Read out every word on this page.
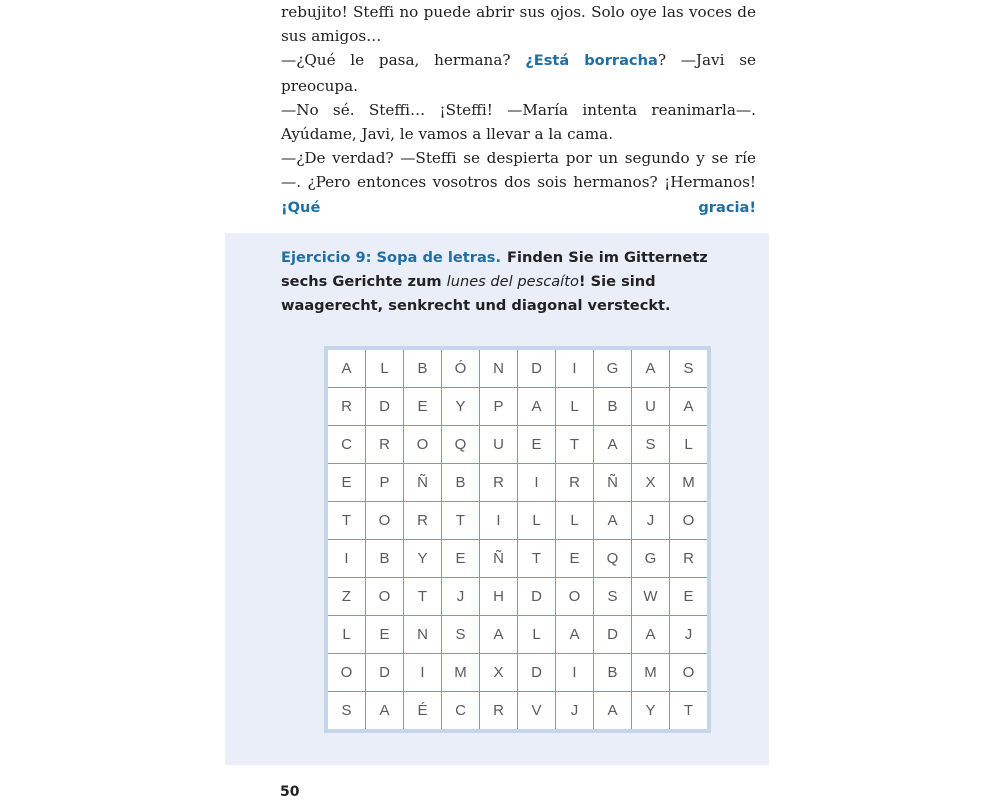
rebujito! Steffi no puede abrir sus ojos. Solo oye las voces de sus amigos…

—¿Qué le pasa, hermana? ¿Está borracha? —Javi se preocupa.

—No sé. Steffi… ¡Steffi! —María intenta reanimarla—. Ayúdame, Javi, le vamos a llevar a la cama.

—¿De verdad? —Steffi se despierta por un segundo y se ríe—. ¿Pero entonces vosotros dos sois hermanos? ¡Hermanos! ¡Qué gracia!

Ejercicio 9: Sopa de letras. Finden Sie im Gitternetz sechs Gerichte zum lunes del pescaíto! Sie sind waagerecht, senkrecht und diagonal versteckt.
A	L	B	Ó	N	D	I	G	A	S
R	D	E	Y	P	A	L	B	U	A
C	R	O	Q	U	E	T	A	S	L
E	P	Ñ	B	R	I	R	Ñ	X	M
T	O	R	T	I	L	L	A	J	O
I	B	Y	E	Ñ	T	E	Q	G	R
Z	O	T	J	H	D	O	S	W	E
L	E	N	S	A	L	A	D	A	J
O	D	I	M	X	D	I	B	M	O
S	A	É	C	R	V	J	A	Y	T
50
